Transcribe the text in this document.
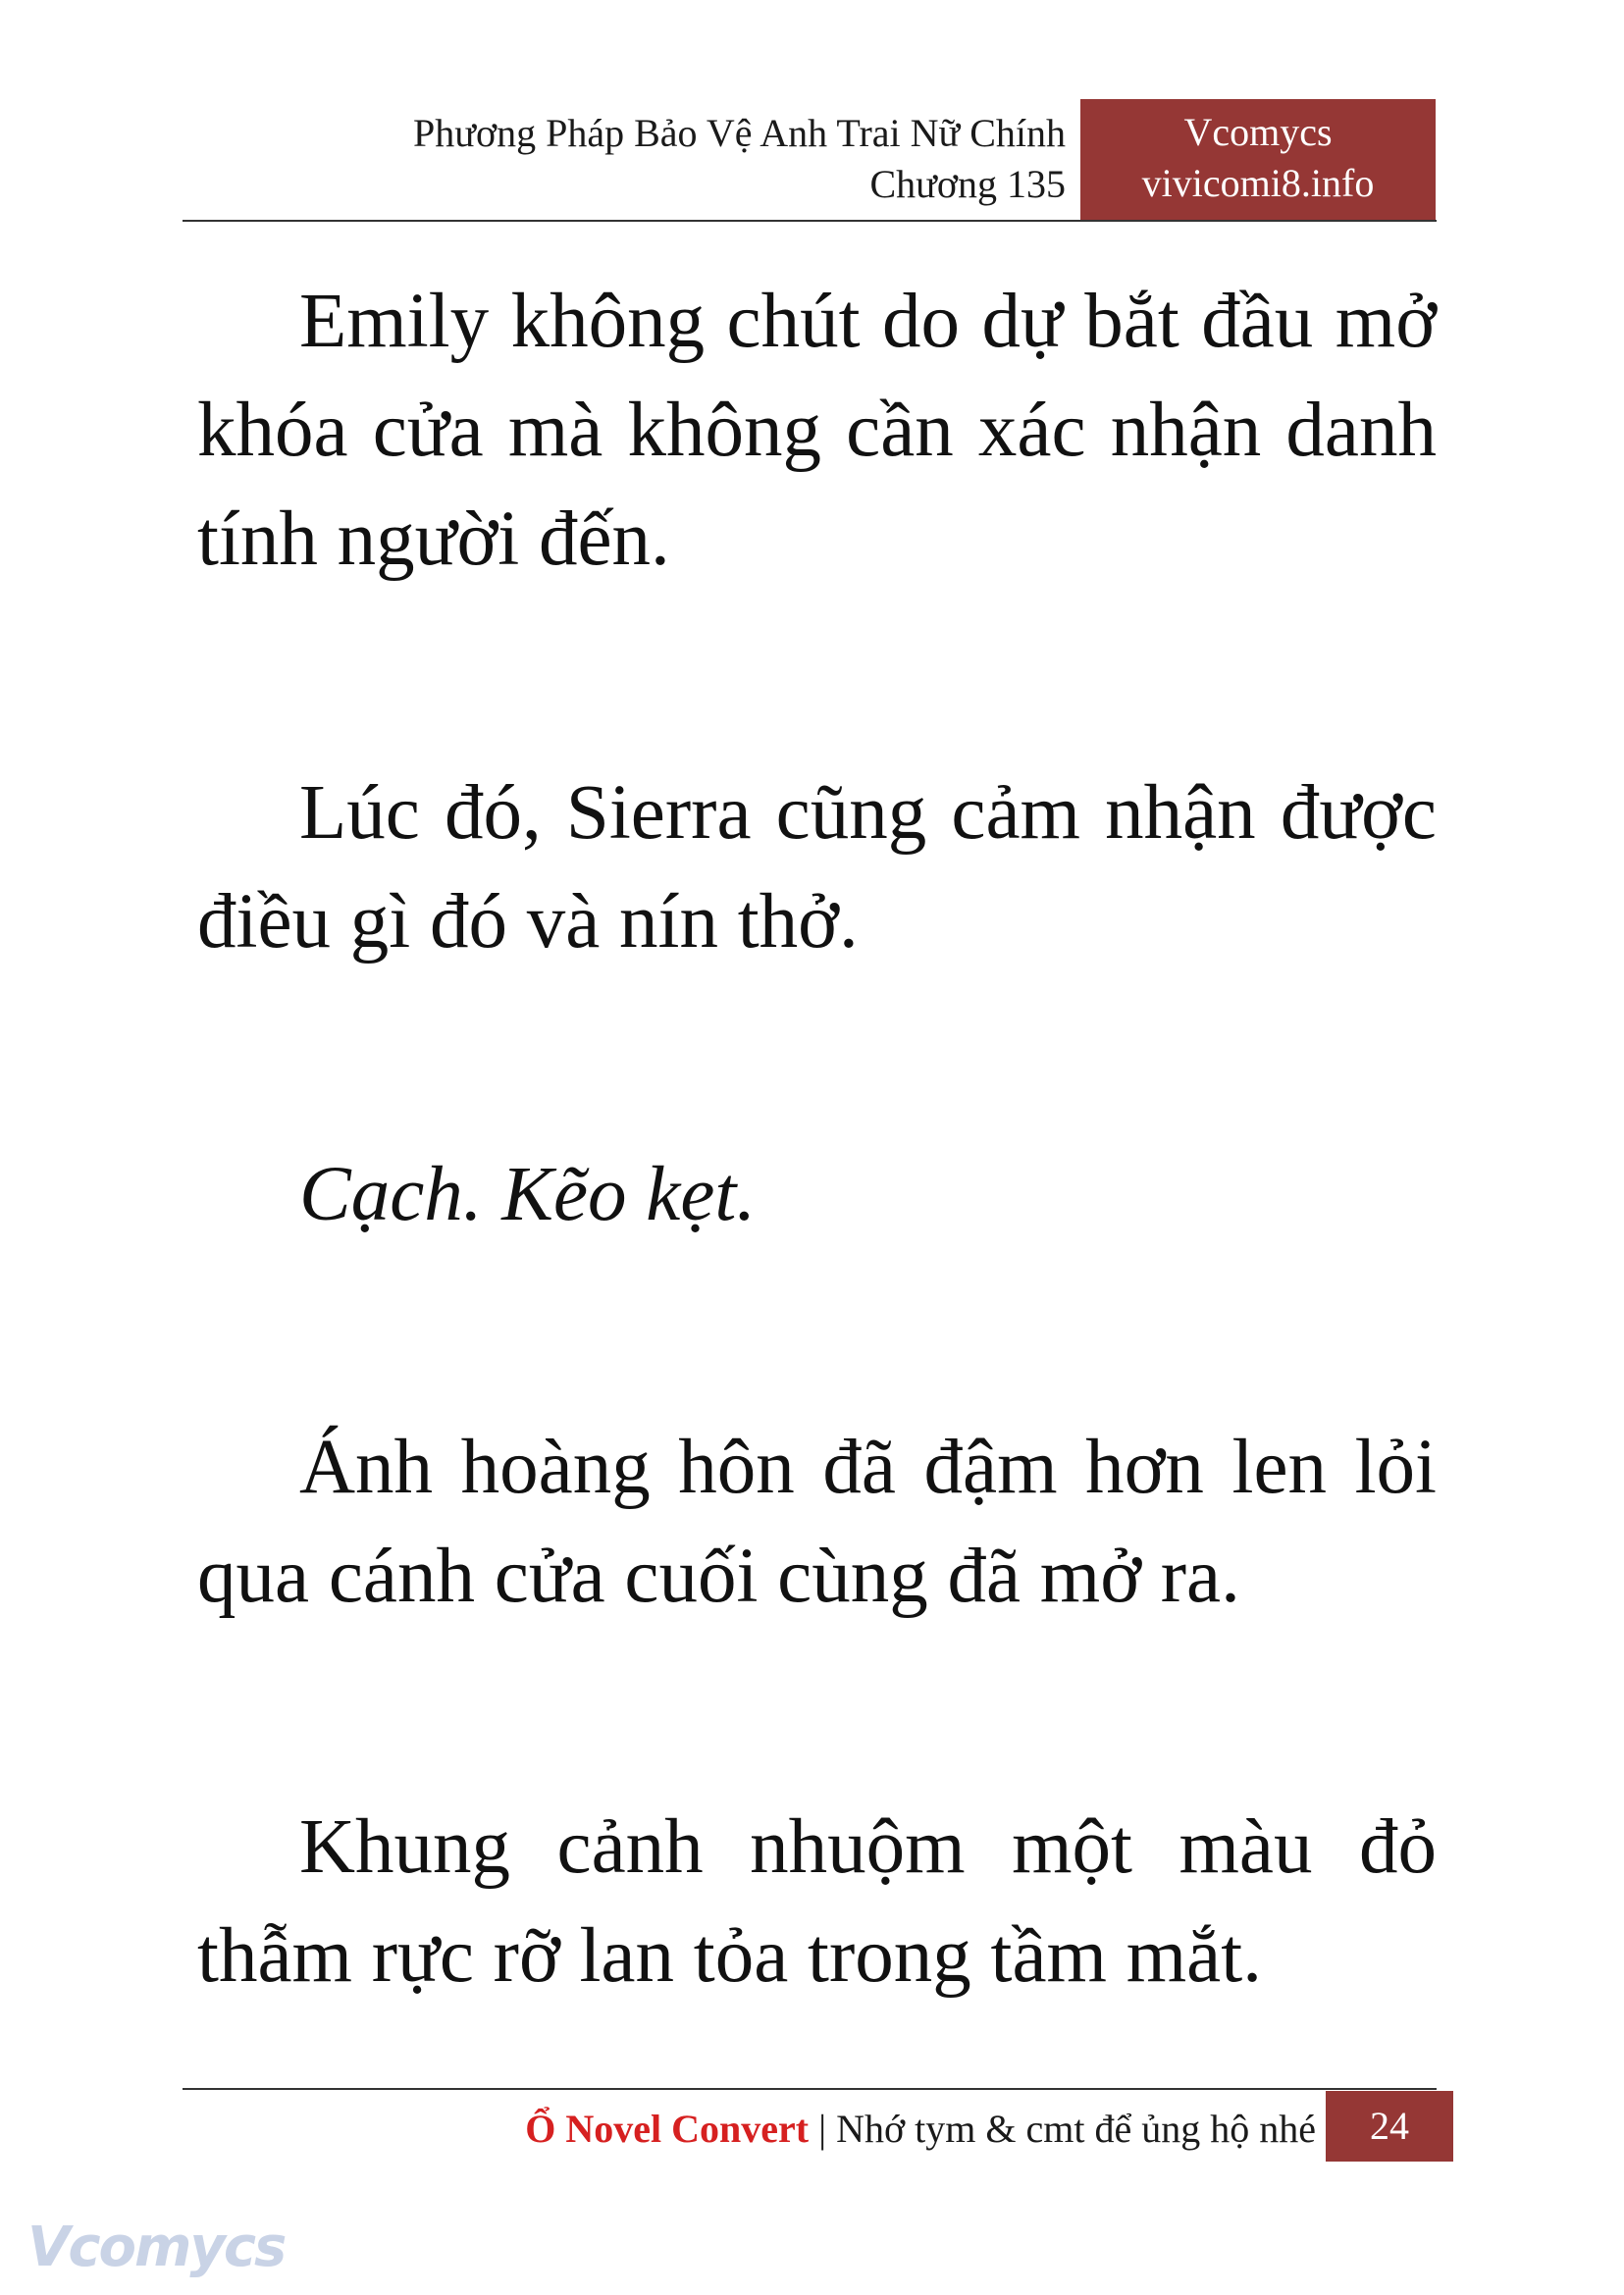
Phương Pháp Bảo Vệ Anh Trai Nữ Chính
Chương 135
Vcomycs
vivicomi8.info

Emily không chút do dự bắt đầu mở khóa cửa mà không cần xác nhận danh tính người đến.

Lúc đó, Sierra cũng cảm nhận được điều gì đó và nín thở.

Cạch. Kẽo kẹt.

Ánh hoàng hôn đã đậm hơn len lỏi qua cánh cửa cuối cùng đã mở ra.

Khung cảnh nhuộm một màu đỏ thẫm rực rỡ lan tỏa trong tầm mắt.

Ổ Novel Convert | Nhớ tym & cmt để ủng hộ nhé	24
Vcomycs
